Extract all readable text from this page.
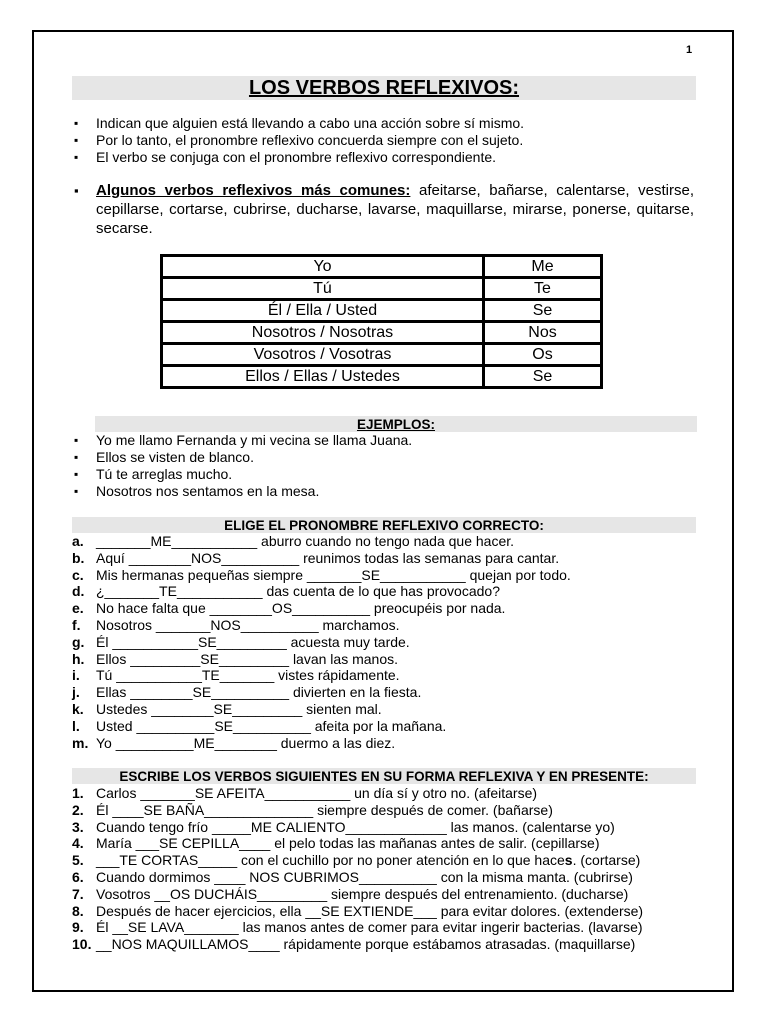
1
LOS VERBOS REFLEXIVOS:
▪ Indican que alguien está llevando a cabo una acción sobre sí mismo.
▪ Por lo tanto, el pronombre reflexivo concuerda siempre con el sujeto.
▪ El verbo se conjuga con el pronombre reflexivo correspondiente.
▪ Algunos verbos reflexivos más comunes: afeitarse, bañarse, calentarse, vestirse, cepillarse, cortarse, cubrirse, ducharse, lavarse, maquillarse, mirarse, ponerse, quitarse, secarse.
Yo	Me
Tú	Te
Él / Ella / Usted	Se
Nosotros / Nosotras	Nos
Vosotros / Vosotras	Os
Ellos / Ellas / Ustedes	Se
EJEMPLOS:
▪ Yo me llamo Fernanda y mi vecina se llama Juana.
▪ Ellos se visten de blanco.
▪ Tú te arreglas mucho.
▪ Nosotros nos sentamos en la mesa.
ELIGE EL PRONOMBRE REFLEXIVO CORRECTO:
a. _______ME___________ aburro cuando no tengo nada que hacer.
b. Aquí ________NOS__________ reunimos todas las semanas para cantar.
c. Mis hermanas pequeñas siempre _______SE___________ quejan por todo.
d. ¿_______TE___________ das cuenta de lo que has provocado?
e. No hace falta que ________OS__________ preocupéis por nada.
f. Nosotros _______NOS__________ marchamos.
g. Él ___________SE_________ acuesta muy tarde.
h. Ellos _________SE_________ lavan las manos.
i. Tú ___________TE_______ vistes rápidamente.
j. Ellas ________SE__________ divierten en la fiesta.
k. Ustedes ________SE_________ sienten mal.
l. Usted __________SE__________ afeita por la mañana.
m. Yo __________ME________ duermo a las diez.
ESCRIBE LOS VERBOS SIGUIENTES EN SU FORMA REFLEXIVA Y EN PRESENTE:
1. Carlos _______SE AFEITA___________ un día sí y otro no. (afeitarse)
2. Él ____SE BAÑA______________ siempre después de comer. (bañarse)
3. Cuando tengo frío _____ME CALIENTO_____________ las manos. (calentarse yo)
4. María ___SE CEPILLA____ el pelo todas las mañanas antes de salir. (cepillarse)
5. ___TE CORTAS_____ con el cuchillo por no poner atención en lo que haces. (cortarse)
6. Cuando dormimos ____ NOS CUBRIMOS__________ con la misma manta. (cubrirse)
7. Vosotros __OS DUCHÁIS_________ siempre después del entrenamiento. (ducharse)
8. Después de hacer ejercicios, ella __SE EXTIENDE___ para evitar dolores. (extenderse)
9. Él __SE LAVA_______ las manos antes de comer para evitar ingerir bacterias. (lavarse)
10. __NOS MAQUILLAMOS____ rápidamente porque estábamos atrasadas. (maquillarse)
